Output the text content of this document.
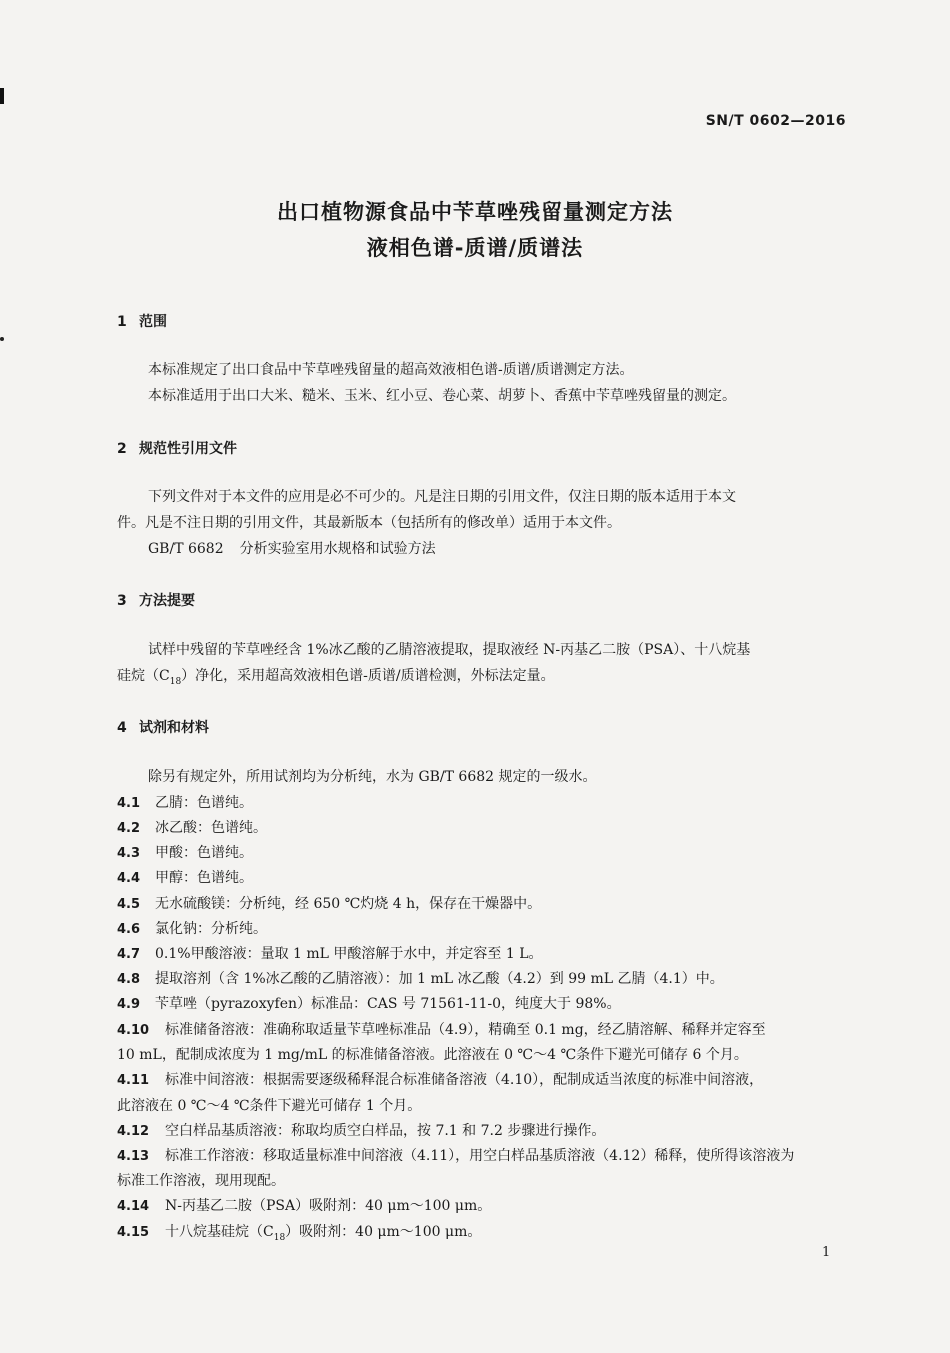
SN/T 0602—2016
出口植物源食品中苄草唑残留量测定方法
液相色谱-质谱/质谱法
1 范围
本标准规定了出口食品中苄草唑残留量的超高效液相色谱-质谱/质谱测定方法。
本标准适用于出口大米、糙米、玉米、红小豆、卷心菜、胡萝卜、香蕉中苄草唑残留量的测定。
2 规范性引用文件
下列文件对于本文件的应用是必不可少的。凡是注日期的引用文件，仅注日期的版本适用于本文
件。凡是不注日期的引用文件，其最新版本（包括所有的修改单）适用于本文件。
GB/T 6682 分析实验室用水规格和试验方法
3 方法提要
试样中残留的苄草唑经含 1%冰乙酸的乙腈溶液提取，提取液经 N-丙基乙二胺（PSA）、十八烷基
硅烷$(C_{18})$净化，采用超高效液相色谱-质谱/质谱检测，外标法定量。
4 试剂和材料
除另有规定外，所用试剂均为分析纯，水为 GB/T 6682 规定的一级水。
4.1 乙腈：色谱纯。
4.2 冰乙酸：色谱纯。
4.3 甲酸：色谱纯。
4.4 甲醇：色谱纯。
4.5 无水硫酸镁：分析纯，经 650 ℃灼烧 4 h，保存在干燥器中。
4.6 氯化钠：分析纯。
4.7 0.1%甲酸溶液：量取 1 mL 甲酸溶解于水中，并定容至 1 L。
4.8 提取溶剂（含 1%冰乙酸的乙腈溶液）：加 1 mL 冰乙酸（4.2）到 99 mL 乙腈（4.1）中。
4.9 苄草唑（pyrazoxyfen）标准品：CAS 号 71561-11-0，纯度大于 98%。
4.10 标准储备溶液：准确称取适量苄草唑标准品（4.9），精确至 0.1 mg，经乙腈溶解、稀释并定容至
10 mL，配制成浓度为 1 mg/mL 的标准储备溶液。此溶液在 0 ℃～4 ℃条件下避光可储存 6 个月。
4.11 标准中间溶液：根据需要逐级稀释混合标准储备溶液（4.10），配制成适当浓度的标准中间溶液，
此溶液在 0 ℃～4 ℃条件下避光可储存 1 个月。
4.12 空白样品基质溶液：称取均质空白样品，按 7.1 和 7.2 步骤进行操作。
4.13 标准工作溶液：移取适量标准中间溶液（4.11），用空白样品基质溶液（4.12）稀释，使所得该溶液为
标准工作溶液，现用现配。
4.14 N-丙基乙二胺（PSA）吸附剂：40 μm～100 μm。
4.15 十八烷基硅烷$(C_{18})$吸附剂：40 μm～100 μm。
1
